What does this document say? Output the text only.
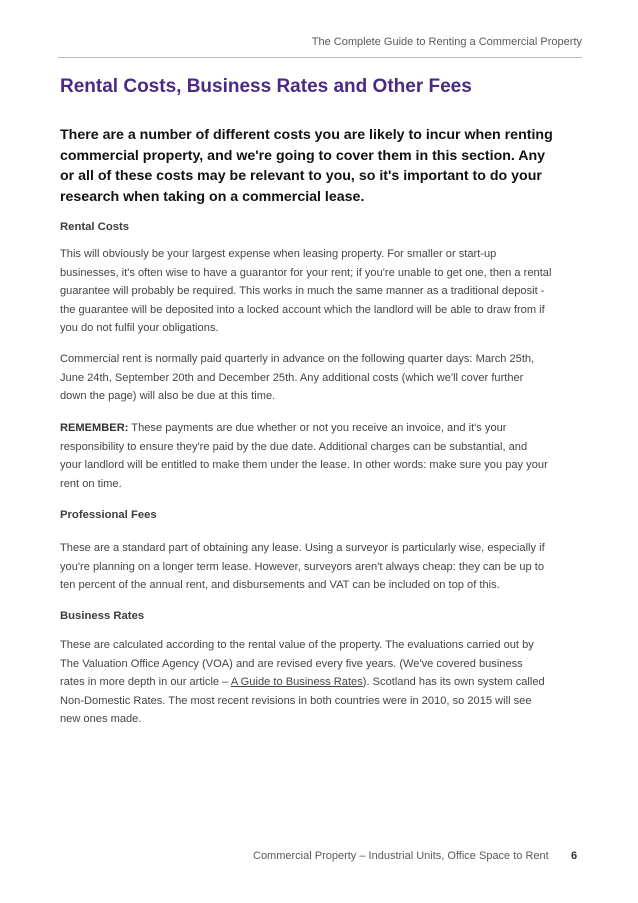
The Complete Guide to Renting a Commercial Property
Rental Costs, Business Rates and Other Fees
There are a number of different costs you are likely to incur when renting
commercial property, and we're going to cover them in this section. Any
or all of these costs may be relevant to you, so it's important to do your
research when taking on a commercial lease.
Rental Costs
This will obviously be your largest expense when leasing property. For smaller or start-up
businesses, it's often wise to have a guarantor for your rent; if you're unable to get one, then a rental
guarantee will probably be required. This works in much the same manner as a traditional deposit -
the guarantee will be deposited into a locked account which the landlord will be able to draw from if
you do not fulfil your obligations.
Commercial rent is normally paid quarterly in advance on the following quarter days: March 25th,
June 24th, September 20th and December 25th. Any additional costs (which we'll cover further
down the page) will also be due at this time.
REMEMBER: These payments are due whether or not you receive an invoice, and it's your
responsibility to ensure they're paid by the due date. Additional charges can be substantial, and
your landlord will be entitled to make them under the lease. In other words: make sure you pay your
rent on time.
Professional Fees
These are a standard part of obtaining any lease. Using a surveyor is particularly wise, especially if
you're planning on a longer term lease. However, surveyors aren't always cheap: they can be up to
ten percent of the annual rent, and disbursements and VAT can be included on top of this.
Business Rates
These are calculated according to the rental value of the property. The evaluations carried out by
The Valuation Office Agency (VOA) and are revised every five years. (We've covered business
rates in more depth in our article – A Guide to Business Rates). Scotland has its own system called
Non-Domestic Rates. The most recent revisions in both countries were in 2010, so 2015 will see
new ones made.
Commercial Property – Industrial Units, Office Space to Rent 6
